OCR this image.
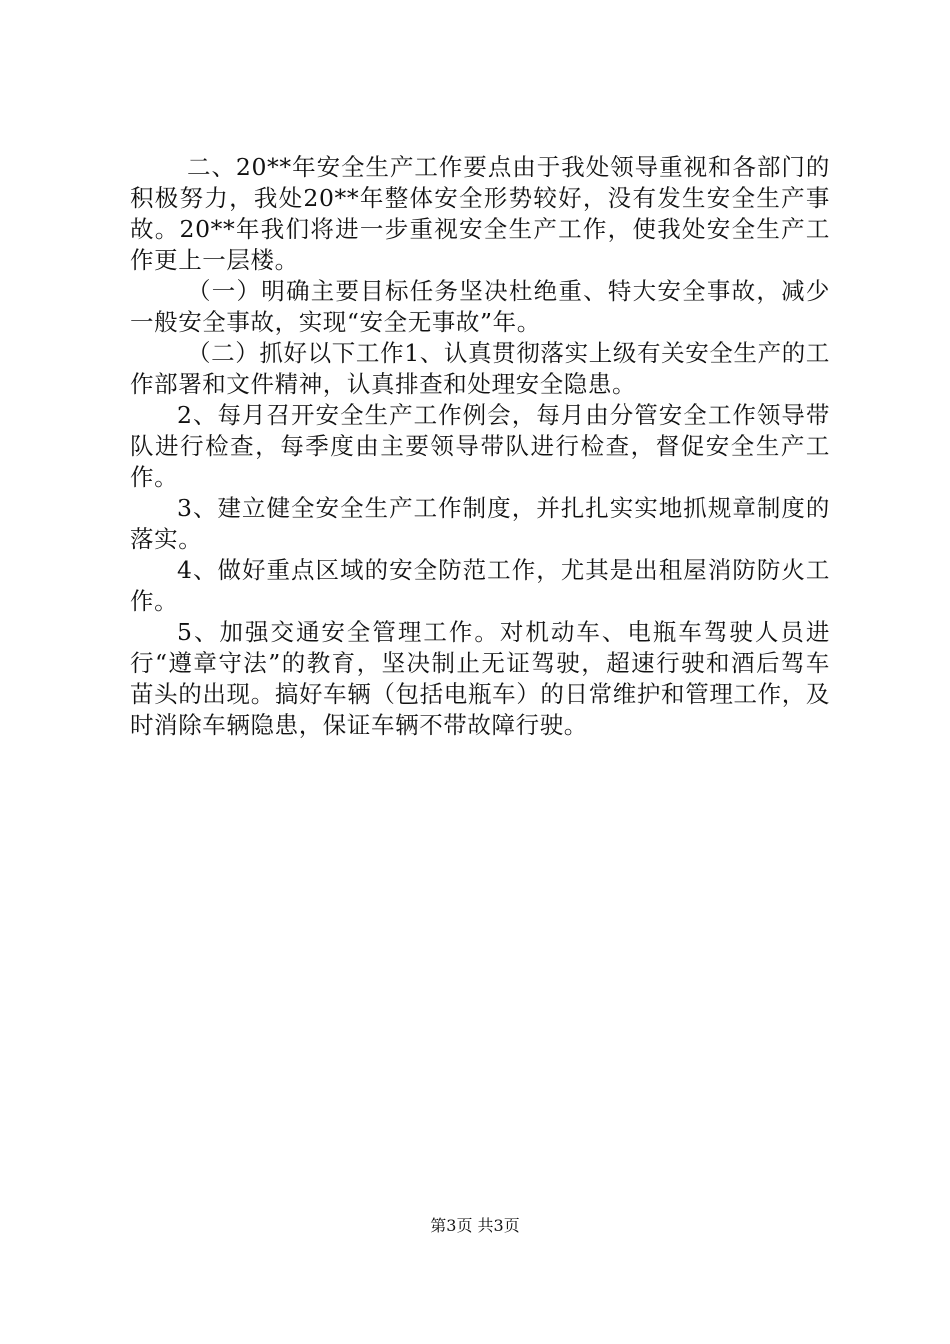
二、20**年安全生产工作要点由于我处领导重视和各部门的积极努力，我处20**年整体安全形势较好，没有发生安全生产事故。20**年我们将进一步重视安全生产工作，使我处安全生产工作更上一层楼。

（一）明确主要目标任务坚决杜绝重、特大安全事故，减少一般安全事故，实现“安全无事故”年。

（二）抓好以下工作1、认真贯彻落实上级有关安全生产的工作部署和文件精神，认真排查和处理安全隐患。

2、每月召开安全生产工作例会，每月由分管安全工作领导带队进行检查，每季度由主要领导带队进行检查，督促安全生产工作。

3、建立健全安全生产工作制度，并扎扎实实地抓规章制度的落实。

4、做好重点区域的安全防范工作，尤其是出租屋消防防火工作。

5、加强交通安全管理工作。对机动车、电瓶车驾驶人员进行“遵章守法”的教育，坚决制止无证驾驶，超速行驶和酒后驾车苗头的出现。搞好车辆（包括电瓶车）的日常维护和管理工作，及时消除车辆隐患，保证车辆不带故障行驶。

第3页 共3页
